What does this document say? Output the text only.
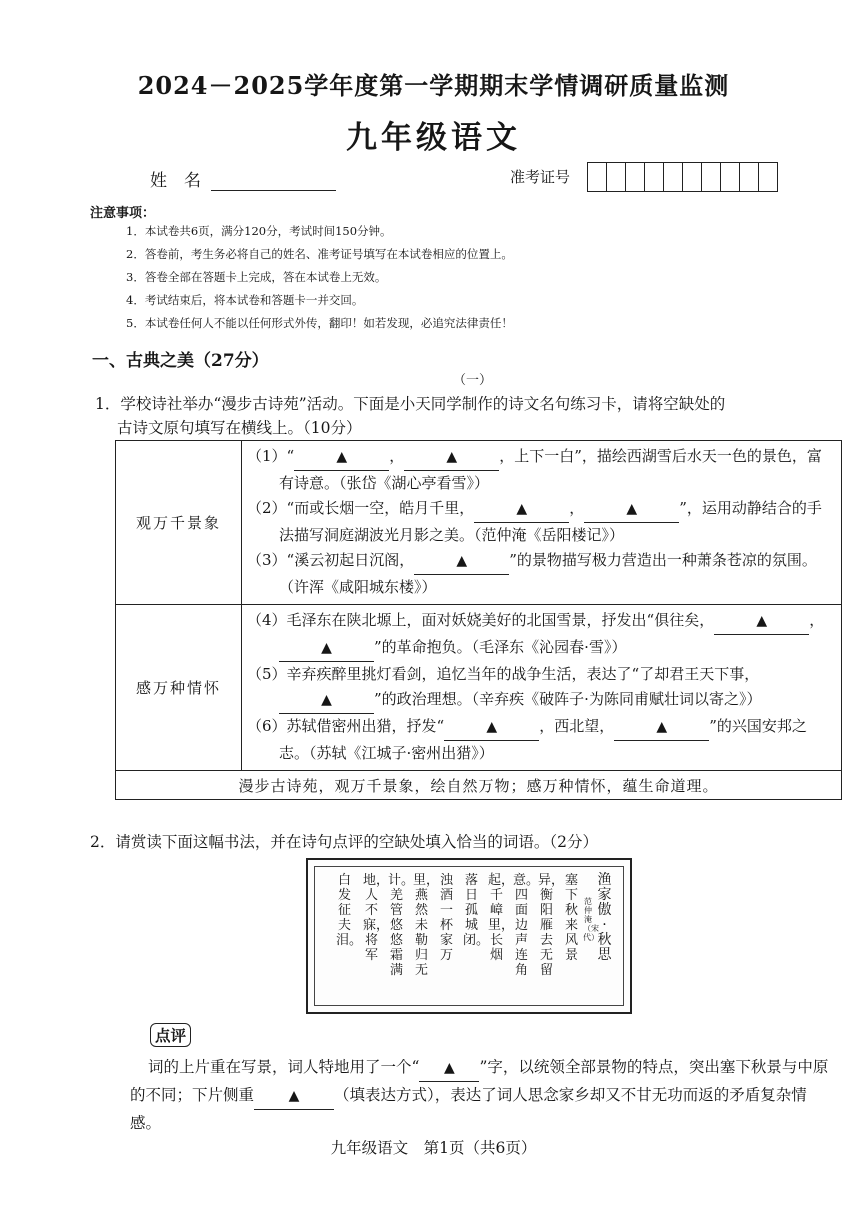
2024－2025学年度第一学期期末学情调研质量监测
九年级语文
姓　名	准考证号
注意事项：
1．本试卷共6页，满分120分，考试时间150分钟。
2．答卷前，考生务必将自己的姓名、准考证号填写在本试卷相应的位置上。
3．答卷全部在答题卡上完成，答在本试卷上无效。
4．考试结束后，将本试卷和答题卡一并交回。
5．本试卷任何人不能以任何形式外传，翻印！如若发现，必追究法律责任！
一、古典之美（27分）
（一）
1．学校诗社举办“漫步古诗苑”活动。下面是小天同学制作的诗文名句练习卡，请将空缺处的
古诗文原句填写在横线上。（10分）
观万千景象	（1）“ ▲ ， ▲ ，上下一白”，描绘西湖雪后水天一色的景色，富有诗意。（张岱《湖心亭看雪》）
（2）“而或长烟一空，皓月千里， ▲ ， ▲ ”，运用动静结合的手法描写洞庭湖波光月影之美。（范仲淹《岳阳楼记》）
（3）“溪云初起日沉阁， ▲ ”的景物描写极力营造出一种萧条苍凉的氛围。（许浑《咸阳城东楼》）

感万种情怀	（4）毛泽东在陕北塬上，面对妖娆美好的北国雪景，抒发出“俱往矣， ▲ ，▲ ”的革命抱负。（毛泽东《沁园春·雪》）
（5）辛弃疾醉里挑灯看剑，追忆当年的战争生活，表达了“了却君王天下事，▲ ”的政治理想。（辛弃疾《破阵子·为陈同甫赋壮词以寄之》）
（6）苏轼借密州出猎，抒发“ ▲ ，西北望， ▲ ”的兴国安邦之志。（苏轼《江城子·密州出猎》）

漫步古诗苑，观万千景象，绘自然万物；感万种情怀，蕴生命道理。	
2．请赏读下面这幅书法，并在诗句点评的空缺处填入恰当的词语。（2分）
渔家傲·秋思
范仲淹（宋代）
塞下秋来风景
异，衡阳雁去无留
意。四面边声连角
起，千嶂里，长烟
落日孤城闭。
浊酒一杯家万
里，燕然未勒归无
计。羌管悠悠霜满
地，人不寐，将军
白发征夫泪。
点评
词的上片重在写景，词人特地用了一个“ ▲ ”字，以统领全部景物的特点，突出塞下秋景与中原的不同；下片侧重 ▲ （填表达方式），表达了词人思念家乡却又不甘无功而返的矛盾复杂情感。
九年级语文　第1页（共6页）
